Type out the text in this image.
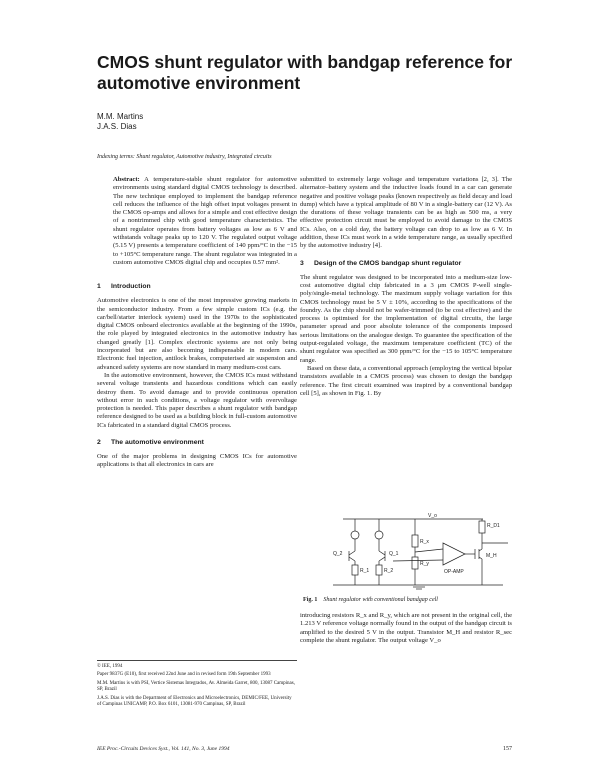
CMOS shunt regulator with bandgap reference for automotive environment
M.M. Martins
J.A.S. Dias
Indexing terms: Shunt regulator, Automotive industry, Integrated circuits
Abstract: A temperature-stable shunt regulator for automotive environments using standard digital CMOS technology is described. The new technique employed to implement the bandgap reference cell reduces the influence of the high offset input voltages present in the CMOS op-amps and allows for a simple and cost effective design of a nontrimmed chip with good temperature characteristics. The shunt regulator operates from battery voltages as low as 6 V and withstands voltage peaks up to 120 V. The regulated output voltage (5.15 V) presents a temperature coefficient of 140 ppm/°C in the −15 to +105°C temperature range. The shunt regulator was integrated in a custom automotive CMOS digital chip and occupies 0.57 mm².
1 Introduction

Automotive electronics is one of the most impressive growing markets in the semiconductor industry. From a few simple custom ICs (e.g. the car/bell/starter interlock system) used in the 1970s to the sophisticated digital CMOS onboard electronics available at the beginning of the 1990s, the role played by integrated electronics in the automotive industry has changed greatly [1]. Complex electronic systems are not only being incorporated but are also becoming indispensable in modern cars. Electronic fuel injection, antilock brakes, computerised air suspension and advanced safety systems are now standard in many medium-cost cars.

In the automotive environment, however, the CMOS ICs must withstand several voltage transients and hazardous conditions which can easily destroy them. To avoid damage and to provide continuous operation without error in such conditions, a voltage regulator with overvoltage protection is needed. This paper describes a shunt regulator with bandgap reference designed to be used as a building block in full-custom automotive ICs fabricated in a standard digital CMOS process.

2 The automotive environment

One of the major problems in designing CMOS ICs for automotive applications is that all electronics in cars are

© IEE, 1994
Paper 9837G (E10), first received 22nd June and in revised form 19th September 1993
M.M. Martins is with PSI, Vertice Sistemas Integrados, Av. Almeida Garret, 800, 13087 Campinas, SP, Brazil
J.A.S. Dias is with the Department of Electronics and Microelectronics, DEMIC/FEE, University of Campinas UNICAMP, P.O. Box 6101, 13081-970 Campinas, SP, Brazil

submitted to extremely large voltage and temperature variations [2, 3]. The alternator–battery system and the inductive loads found in a car can generate negative and positive voltage peaks (known respectively as field decay and load dump) which have a typical amplitude of 80 V in a single-battery car (12 V). As the durations of these voltage transients can be as high as 500 ms, a very effective protection circuit must be employed to avoid damage to the CMOS ICs. Also, on a cold day, the battery voltage can drop to as low as 6 V. In addition, these ICs must work in a wide temperature range, as usually specified by the automotive industry [4].

3 Design of the CMOS bandgap shunt regulator

The shunt regulator was designed to be incorporated into a medium-size low-cost automotive digital chip fabricated in a 3 μm CMOS P-well single-poly/single-metal technology. The maximum supply voltage variation for this CMOS technology must be 5 V ± 10%, according to the specifications of the foundry. As the chip should not be wafer-trimmed (to be cost effective) and the process is optimised for the implementation of digital circuits, the large parameter spread and poor absolute tolerance of the components imposed serious limitations on the analogue design. To guarantee the specification of the output-regulated voltage, the maximum temperature coefficient (TC) of the shunt regulator was specified as 300 ppm/°C for the −15 to 105°C temperature range.

Based on these data, a conventional approach (employing the vertical bipolar transistors available in a CMOS process) was chosen to design the bandgap reference. The first circuit examined was inspired by a conventional bandgap cell [5], as shown in Fig. 1. By

V_o
R_D1
Q_2	Q_1
R_1	R_2
R_x
R_y
OP-AMP
M_H
Fig. 1 Shunt regulator with conventional bandgap cell
introducing resistors R_x and R_y, which are not present in the original cell, the 1.213 V reference voltage normally found in the output of the bandgap circuit is amplified to the desired 5 V in the output. Transistor M_H and resistor R_sec complete the shunt regulator. The output voltage V_o
IEE Proc.-Circuits Devices Syst., Vol. 141, No. 3, June 1994	157
